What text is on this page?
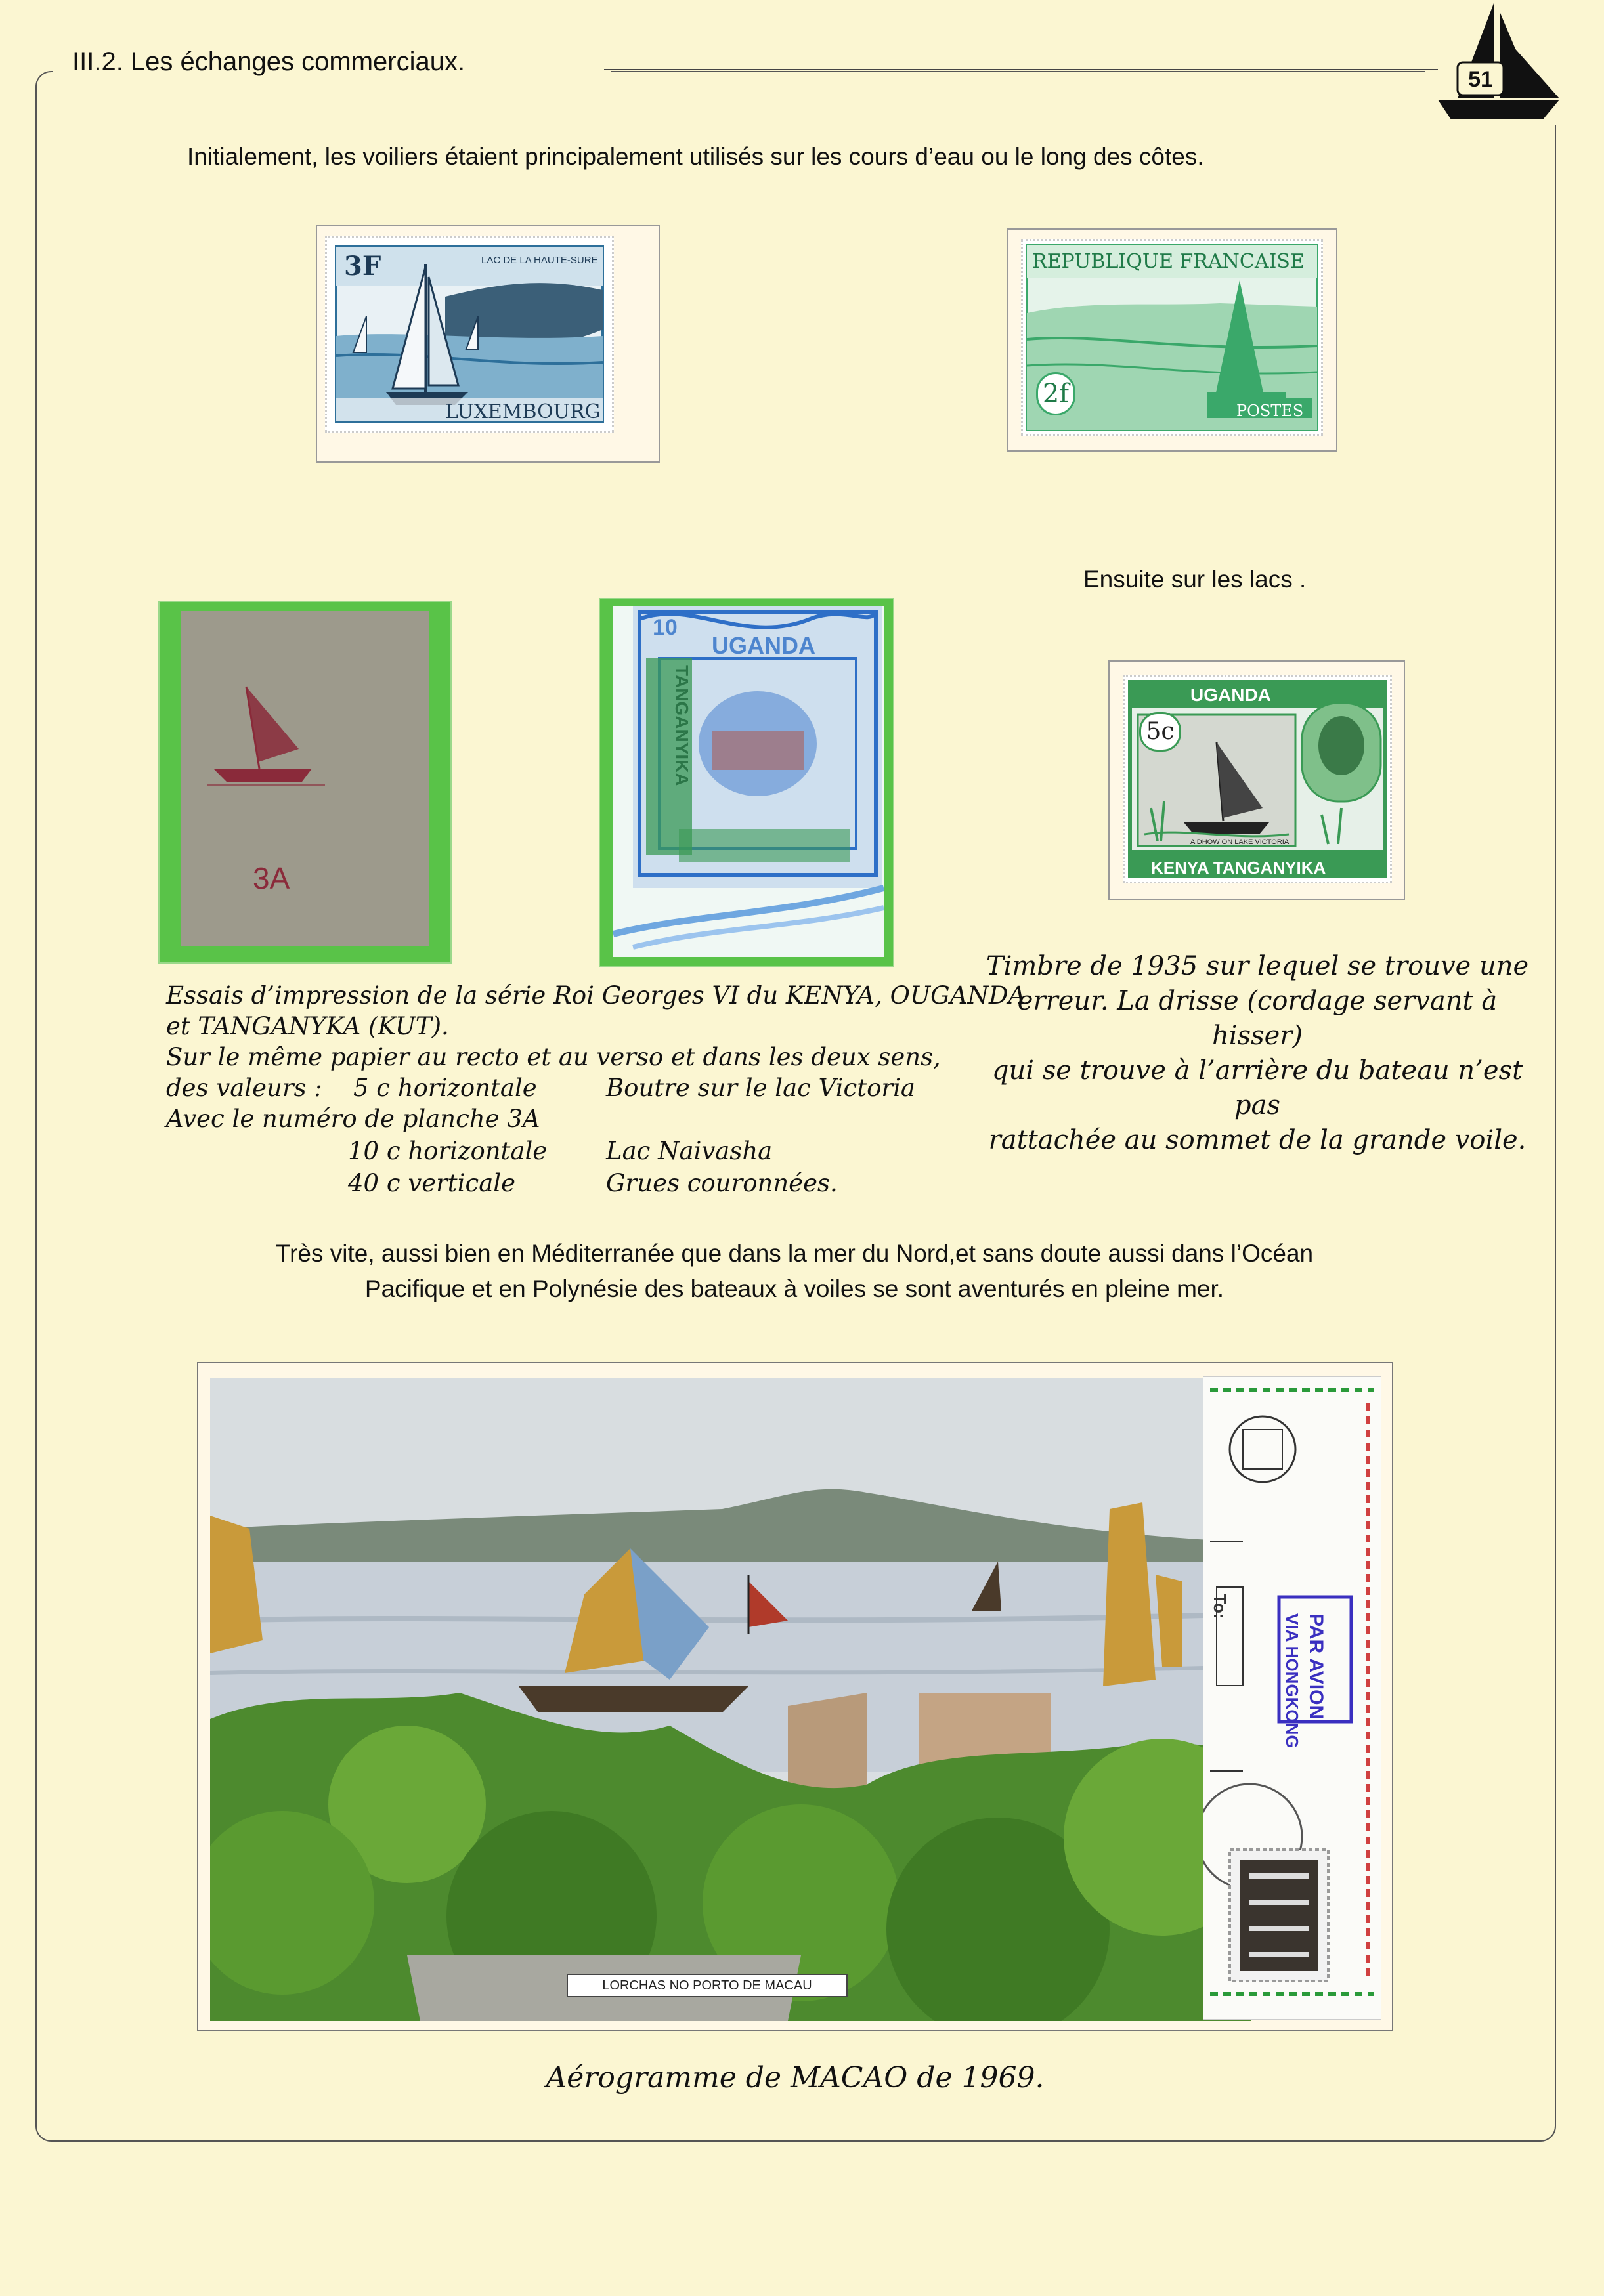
III.2. Les échanges commerciaux.
51
Initialement, les voiliers étaient principalement utilisés sur les cours d’eau ou le long des côtes.
3F	LAC DE LA HAUTE-SURE
LUXEMBOURG
REPUBLIQUE FRANCAISE
2f
POSTES
Ensuite sur les lacs .
3A
10
UGANDA
TANGANYIKA	UGANDA
5c
A DHOW ON LAKE VICTORIA
KENYA TANGANYIKA
Essais d’impression de la série Roi Georges VI du KENYA, OUGANDA
et TANGANYKA (KUT).
Sur le même papier au recto et au verso et dans les deux sens,
des valeurs : 5 c horizontale	Boutre sur le lac Victoria
Avec le numéro de planche 3A
10 c horizontale Lac Naivasha
40 c verticale	Grues couronnées.
Timbre de 1935 sur lequel se trouve une
erreur. La drisse (cordage servant à hisser)
qui se trouve à l’arrière du bateau n’est pas
rattachée au sommet de la grande voile.
Très vite, aussi bien en Méditerranée que dans la mer du Nord,et sans doute aussi dans l’Océan
Pacifique et en Polynésie des bateaux à voiles se sont aventurés en pleine mer.
LORCHAS NO PORTO DE MACAU
To:
PAR AVION
VIA HONGKONG
Aérogramme de MACAO de 1969.
